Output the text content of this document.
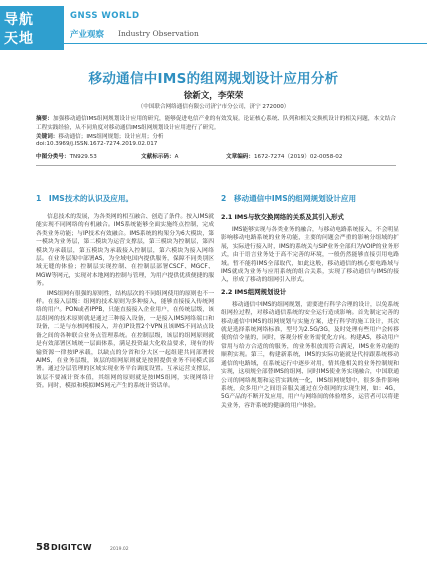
导航
天地
GNSS WORLD
产业观察 Industry Observation
移动通信中IMS的组网规划设计应用分析
徐新文，李荣荣
（中国联合网络通信有限公司济宁市分公司，济宁 272000）
摘要：加强移动通信IMS组网规划设计应用的研究，能够促进电信产业的有效发展。论证核心系统、队列和相关交换机设计的相关问题，本文结合工程实践经验，从不同角度对移动通信IMS组网规划设计应用进行了研究。
关键词：移动通信；IMS组网规划；设计应用；分析
doi:10.3969/j.ISSN.1672-7274.2019.02.017
中图分类号：TN929.53	文献标示码：A	文章编码：1672-7274（2019）02-0058-02
1　IMS技术的认识及应用。

信息技术的发展，为各类网的相互融合、创造了条件。按入IMS就能实现不同网络的有机融合。IMS系统能够全面实施终点控制，完成各类业务功能；与IP技术有效融合。IMS系统的构架分为6大模块，第一模块为业务层，第二模块为运营支撑层，第三模块为控制层，第四模块为承载层，第五模块为承载接入控制层，第六模块为接入网络层。在业务层架中部署AS，为全域电国内提供服务，保障不同类别区域无缝的体验；控制层实现控制、在控制层部署CSCF、MGCF、MGW等网元，实现对本地网的控制与管理，为用户提供优质便捷的服务。

IMS组网有很强的原则性，结构层次的不同组网使用的原则也不一样。在接入层级：组网的技术原则为多种接入，能够直接接入传统网络的用户。PON或者IPPB，只能直接接入企业用户，在传统层级，该层组网的技术原则就是通过三种接入设备，一是接入IMS网络端口和设备，二是与东核网相接入，并在IP设置2个VPN且该IMS不同站点设备之间的各种联合业务点管理系统。在控制层级，该层的组网原则就是有效部署区域统一层面体系，满足投资最大化收益要求，现有的传输资源一律按IP承载，以缺点的分省和分大区一起组建共同部署较AIMS，在业务层级，该层的组网原则就是按照提供业务不同模式部署。通过分层管理的区域实现业务平台调度设置。互承运营支撑层，该层不要减计资本值，其组网的原则就是按IMS组网，实现网络计资。同时，模拟和模拟IMS网元产生的系统计资话单。

2　移动通信中IMS的组网规划设计应用
2.1 IMS与软交换网络的关系及其引入形式

IMS能够实现与各类业务的融合，与移动电路系统接入，不会明显影响移动电路系统的业务功能，主要的问题会严重的影响分组域的扩展，实际进行接入时，IMS的系统关与SIP业务全部归为VOIP的业务形式，由于语言业务处于高不完善的环境，一般仍然能够直接引用电路域。暂不能将IMS全部取代，如此这般，移动通信的核心要电路域与IMS就成为业务与应用系统的组合关系，实现了移动通信与IMS的接入，形成了移动的组网引入形式。

2.2 IMS组网规划设计

移动通信中IMS的组网规划，需要进行科学合理的设计，以免系统组网拉过程，对移动通信系统的安全运行造成影响。首先制定完善的移动通信中IMS的组网规划与实施方案，进行科学的施工设计，其次就是选择系统网络标准，型号为2.5G/3G，及时处理有些用户会转移使的信令量的，同时，客观分析业务需优化方向。构建AS，移动用户常用与给方合适的的服务，的业务积放需符合满足，IMS业务功能的顺利实现。第三，构建新系统，IMS的实际功能就是代持跟系统移动通信的电路域，在系统运行中逐步对用，情其他相关的业务控制规和实现，这项规全部替IMS的组网、同时IMS使业务实现融合，中国联通公司的网络规划和运营实践统一化，IMS组网规划中，很多条件影响系统，众多用户之间语音服关通过在分组网的实现生网，如：4G，5G产品的不断开发应用，用户与网络间的体验增多，运营者可以将建关业务，容许系统的健康的用户体验。

58 DIGITCW	2019.02
